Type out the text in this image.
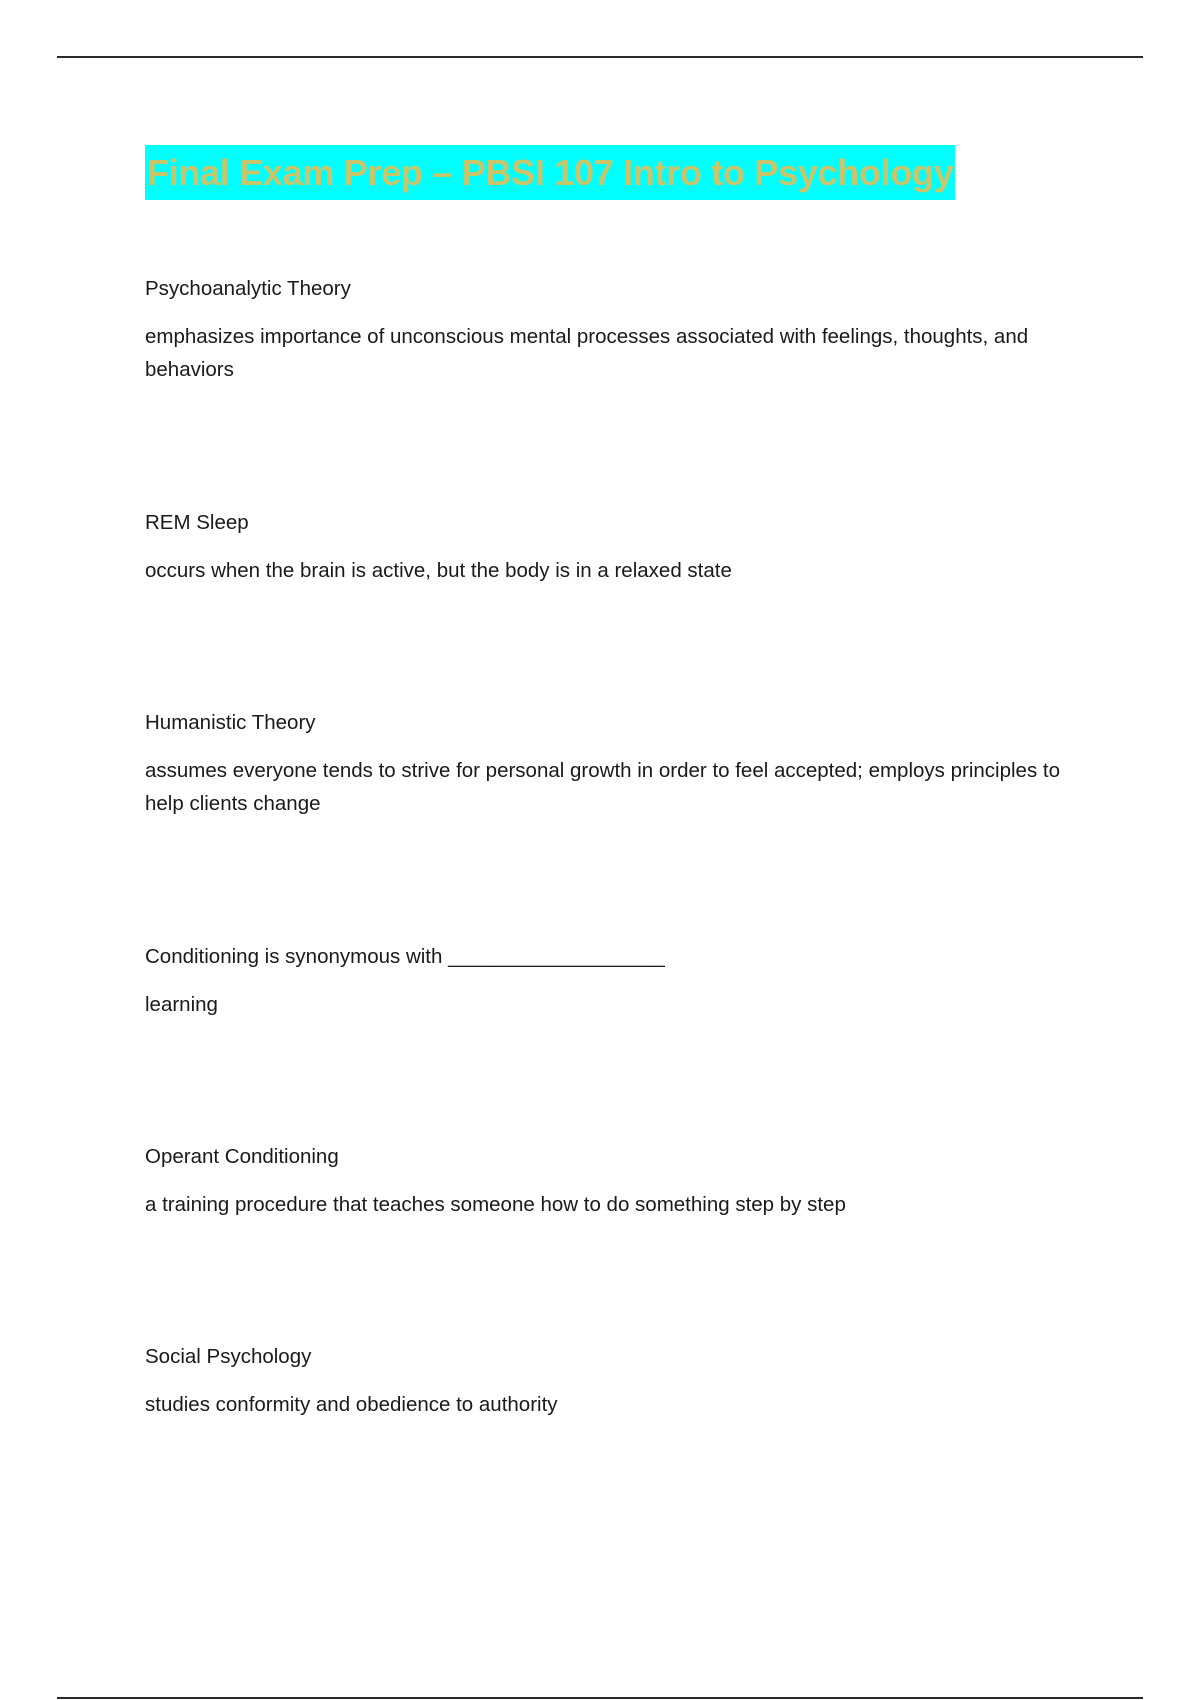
Final Exam Prep – PBSI 107 Intro to Psychology

Psychoanalytic Theory

emphasizes importance of unconscious mental processes associated with feelings, thoughts, and behaviors

REM Sleep

occurs when the brain is active, but the body is in a relaxed state

Humanistic Theory

assumes everyone tends to strive for personal growth in order to feel accepted; employs principles to help clients change

Conditioning is synonymous with ___________________

learning

Operant Conditioning

a training procedure that teaches someone how to do something step by step

Social Psychology

studies conformity and obedience to authority
